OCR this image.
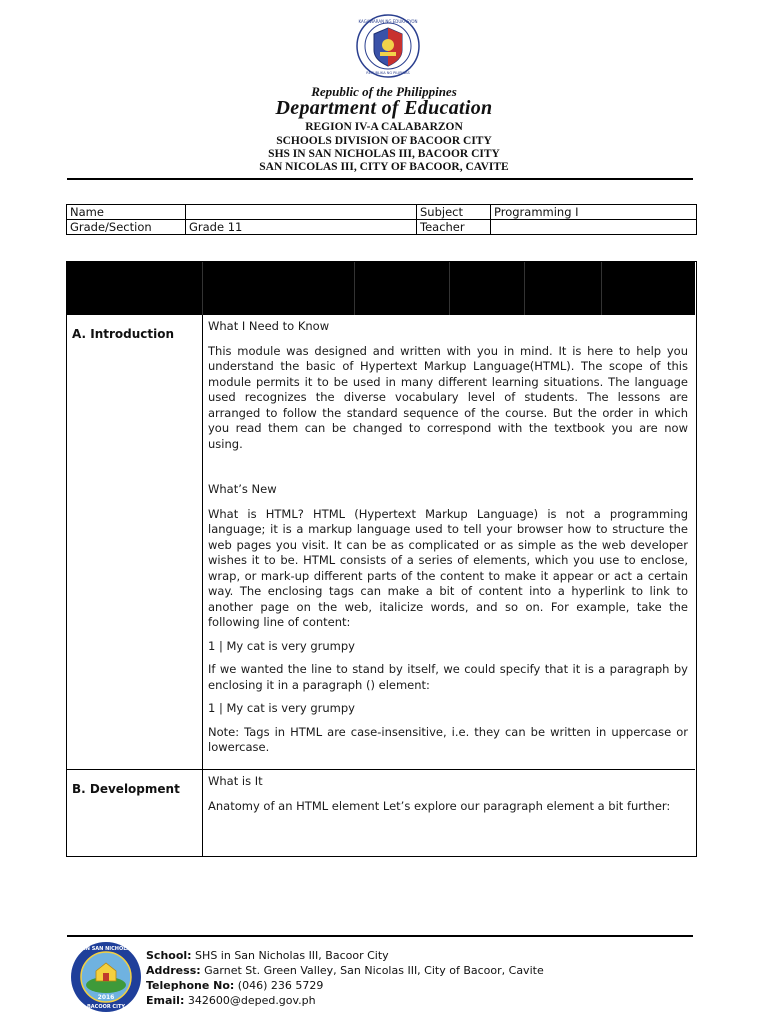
KAGAWARAN NG EDUKASYON
REPUBLIKA NG PILIPINAS
Republic of the Philippines
Department of Education
REGION IV-A CALABARZON
SCHOOLS DIVISION OF BACOOR CITY
SHS IN SAN NICHOLAS III, BACOOR CITY
SAN NICOLAS III, CITY OF BACOOR, CAVITE
Name		Subject	Programming I
Grade/Section	Grade 11	Teacher	
A. Introduction

What I Need to Know

This module was designed and written with you in mind. It is here to help you understand the basic of Hypertext Markup Language(HTML). The scope of this module permits it to be used in many different learning situations. The language used recognizes the diverse vocabulary level of students. The lessons are arranged to follow the standard sequence of the course. But the order in which you read them can be changed to correspond with the textbook you are now using.

What’s New

What is HTML? HTML (Hypertext Markup Language) is not a programming language; it is a markup language used to tell your browser how to structure the web pages you visit. It can be as complicated or as simple as the web developer wishes it to be. HTML consists of a series of elements, which you use to enclose, wrap, or mark-up different parts of the content to make it appear or act a certain way. The enclosing tags can make a bit of content into a hyperlink to link to another page on the web, italicize words, and so on. For example, take the following line of content:

1 | My cat is very grumpy

If we wanted the line to stand by itself, we could specify that it is a paragraph by enclosing it in a paragraph () element:

1 | My cat is very grumpy

Note: Tags in HTML are case-insensitive, i.e. they can be written in uppercase or lowercase.

B. Development

What is It

Anatomy of an HTML element Let’s explore our paragraph element a bit further:

SHS IN SAN NICHOLAS III
2016
BACOOR CITY
School: SHS in San Nicholas III, Bacoor City
Address: Garnet St. Green Valley, San Nicolas III, City of Bacoor, Cavite
Telephone No: (046) 236 5729
Email: 342600@deped.gov.ph
